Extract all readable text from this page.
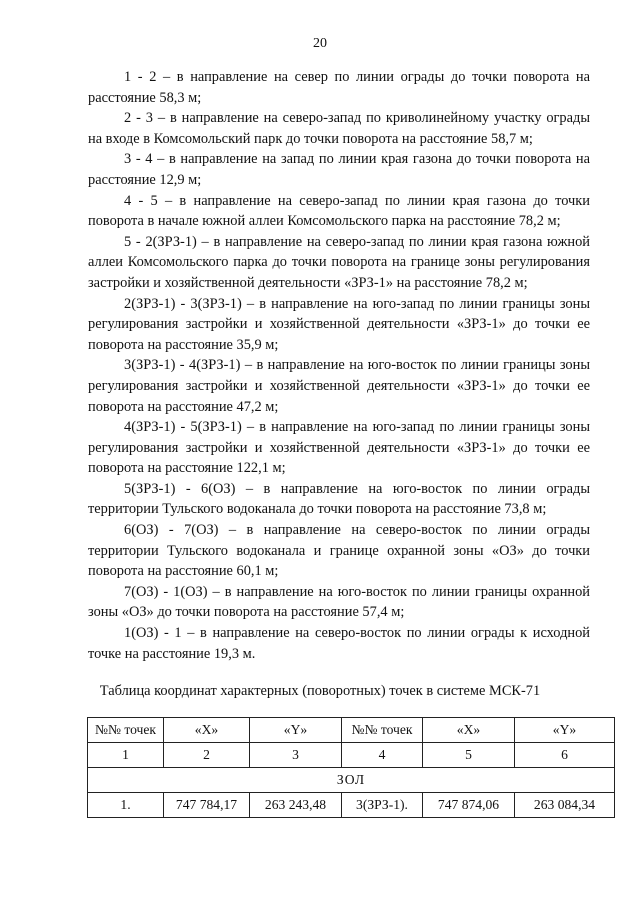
20

1 - 2 – в направление на север по линии ограды до точки поворота на расстояние 58,3 м;

2 - 3 – в направление на северо-запад по криволинейному участку ограды на входе в Комсомольский парк до точки поворота на расстояние 58,7 м;

3 - 4 – в направление на запад по линии края газона до точки поворота на расстояние 12,9 м;

4 - 5 – в направление на северо-запад по линии края газона до точки поворота в начале южной аллеи Комсомольского парка на расстояние 78,2 м;

5 - 2(ЗРЗ-1) – в направление на северо-запад по линии края газона южной аллеи Комсомольского парка до точки поворота на границе зоны регулирования застройки и хозяйственной деятельности «ЗРЗ-1» на расстояние 78,2 м;

2(ЗРЗ-1) - 3(ЗРЗ-1) – в направление на юго-запад по линии границы зоны регулирования застройки и хозяйственной деятельности «ЗРЗ-1» до точки ее поворота на расстояние 35,9 м;

3(ЗРЗ-1) - 4(ЗРЗ-1) – в направление на юго-восток по линии границы зоны регулирования застройки и хозяйственной деятельности «ЗРЗ-1» до точки ее поворота на расстояние 47,2 м;

4(ЗРЗ-1) - 5(ЗРЗ-1) – в направление на юго-запад по линии границы зоны регулирования застройки и хозяйственной деятельности «ЗРЗ-1» до точки ее поворота на расстояние 122,1 м;

5(ЗРЗ-1) - 6(ОЗ) – в направление на юго-восток по линии ограды территории Тульского водоканала до точки поворота на расстояние 73,8 м;

6(ОЗ) - 7(ОЗ) – в направление на северо-восток по линии ограды территории Тульского водоканала и границе охранной зоны «ОЗ» до точки поворота на расстояние 60,1 м;

7(ОЗ) - 1(ОЗ) – в направление на юго-восток по линии границы охранной зоны «ОЗ» до точки поворота на расстояние 57,4 м;

1(ОЗ) - 1 – в направление на северо-восток по линии ограды к исходной точке на расстояние 19,3 м.

Таблица координат характерных (поворотных) точек в системе МСК-71
№№ точек	«X»	«Y»	№№ точек	«X»	«Y»
1	2	3	4	5	6
ЗОЛ					
1.	747 784,17	263 243,48	3(ЗРЗ-1).	747 874,06	263 084,34
